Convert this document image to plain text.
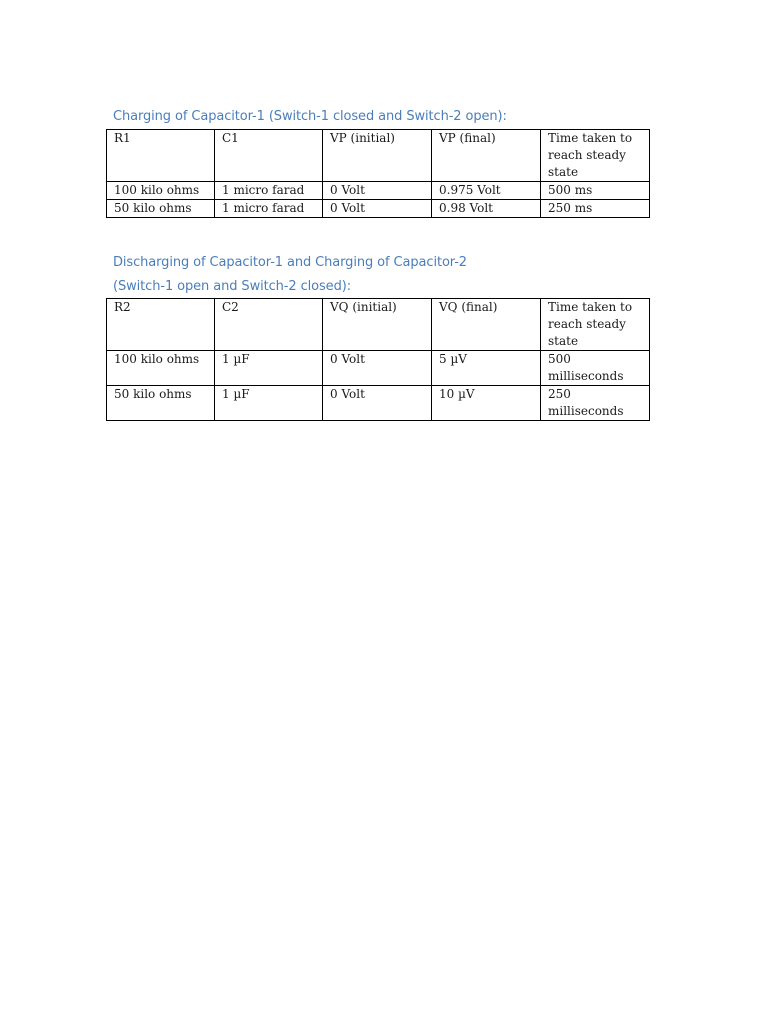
Charging of Capacitor-1 (Switch-1 closed and Switch-2 open):
R1	C1	VP (initial)	VP (final)	Time taken to reach steady state
100 kilo ohms	1 micro farad	0 Volt	0.975 Volt	500 ms
50 kilo ohms	1 micro farad	0 Volt	0.98 Volt	250 ms
Discharging of Capacitor-1 and Charging of Capacitor-2
(Switch-1 open and Switch-2 closed):
R2	C2	VQ (initial)	VQ (final)	Time taken to reach steady state
100 kilo ohms	1 µF	0 Volt	5 µV	500 milliseconds
50 kilo ohms	1 µF	0 Volt	10 µV	250 milliseconds
